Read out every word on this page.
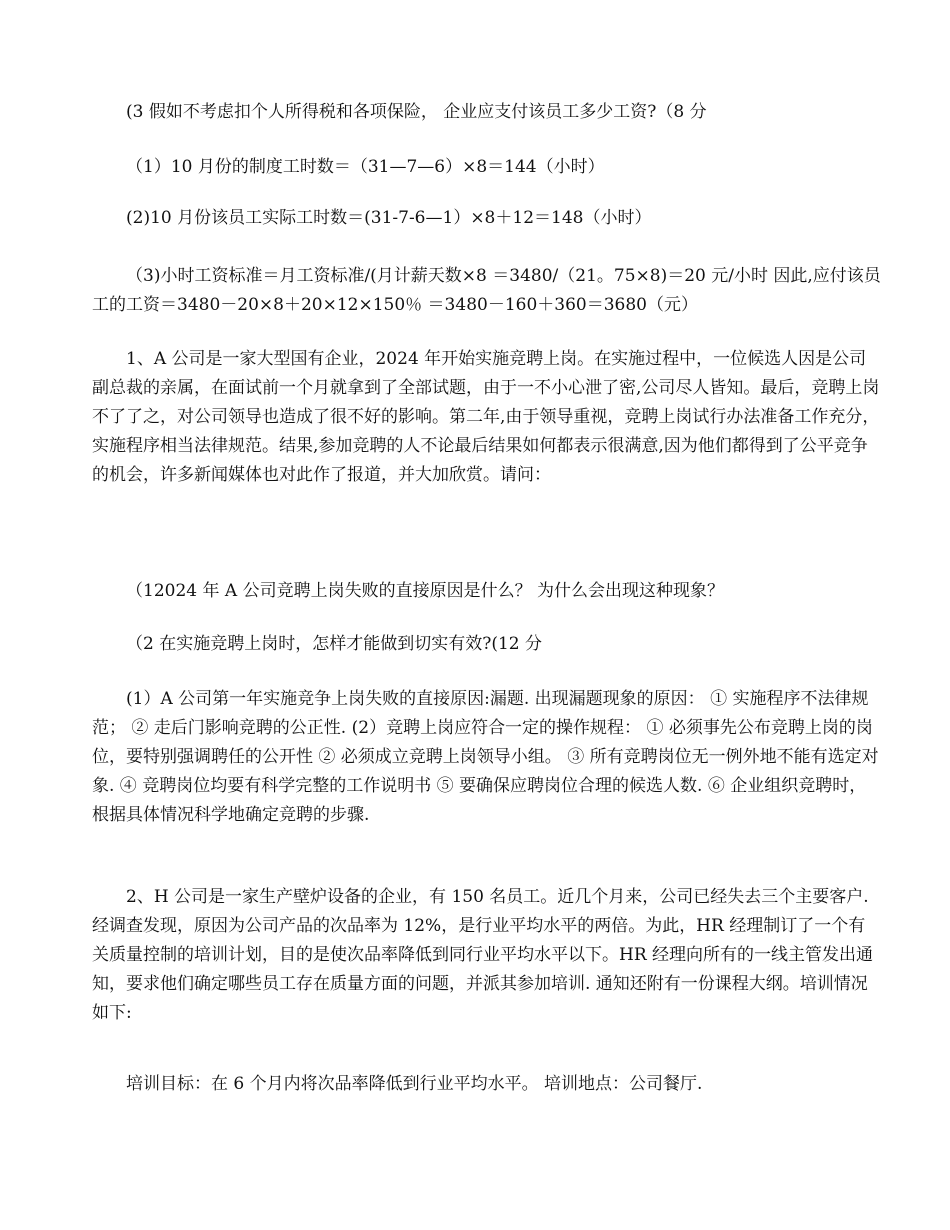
(3 假如不考虑扣个人所得税和各项保险， 企业应支付该员工多少工资?（8 分

（1）10 月份的制度工时数＝（31—7—6）×8＝144（小时）

(2)10 月份该员工实际工时数＝(31-7-6—1）×8＋12＝148（小时）

（3)小时工资标准＝月工资标准/(月计薪天数×8 ＝3480/（21。75×8)＝20 元/小时 因此,应付该员工的工资＝3480－20×8＋20×12×150％ ＝3480－160＋360＝3680（元）

1、A 公司是一家大型国有企业，2024 年开始实施竞聘上岗。在实施过程中，一位候选人因是公司副总裁的亲属，在面试前一个月就拿到了全部试题，由于一不小心泄了密,公司尽人皆知。最后，竞聘上岗不了了之，对公司领导也造成了很不好的影响。第二年,由于领导重视，竞聘上岗试行办法准备工作充分，实施程序相当法律规范。结果,参加竞聘的人不论最后结果如何都表示很满意,因为他们都得到了公平竞争的机会，许多新闻媒体也对此作了报道，并大加欣赏。请问：

（12024 年 A 公司竞聘上岗失败的直接原因是什么？ 为什么会出现这种现象？

（2 在实施竞聘上岗时，怎样才能做到切实有效?(12 分

(1）A 公司第一年实施竞争上岗失败的直接原因:漏题. 出现漏题现象的原因： ① 实施程序不法律规范； ② 走后门影响竞聘的公正性. (2）竞聘上岗应符合一定的操作规程： ① 必须事先公布竞聘上岗的岗位，要特别强调聘任的公开性 ② 必须成立竞聘上岗领导小组。 ③ 所有竞聘岗位无一例外地不能有选定对象. ④ 竞聘岗位均要有科学完整的工作说明书 ⑤ 要确保应聘岗位合理的候选人数. ⑥ 企业组织竞聘时，根据具体情况科学地确定竞聘的步骤.

2、H 公司是一家生产壁炉设备的企业，有 150 名员工。近几个月来，公司已经失去三个主要客户.经调查发现，原因为公司产品的次品率为 12%，是行业平均水平的两倍。为此，HR 经理制订了一个有关质量控制的培训计划，目的是使次品率降低到同行业平均水平以下。HR 经理向所有的一线主管发出通知，要求他们确定哪些员工存在质量方面的问题，并派其参加培训. 通知还附有一份课程大纲。培训情况如下:

培训目标：在 6 个月内将次品率降低到行业平均水平。 培训地点：公司餐厅.
